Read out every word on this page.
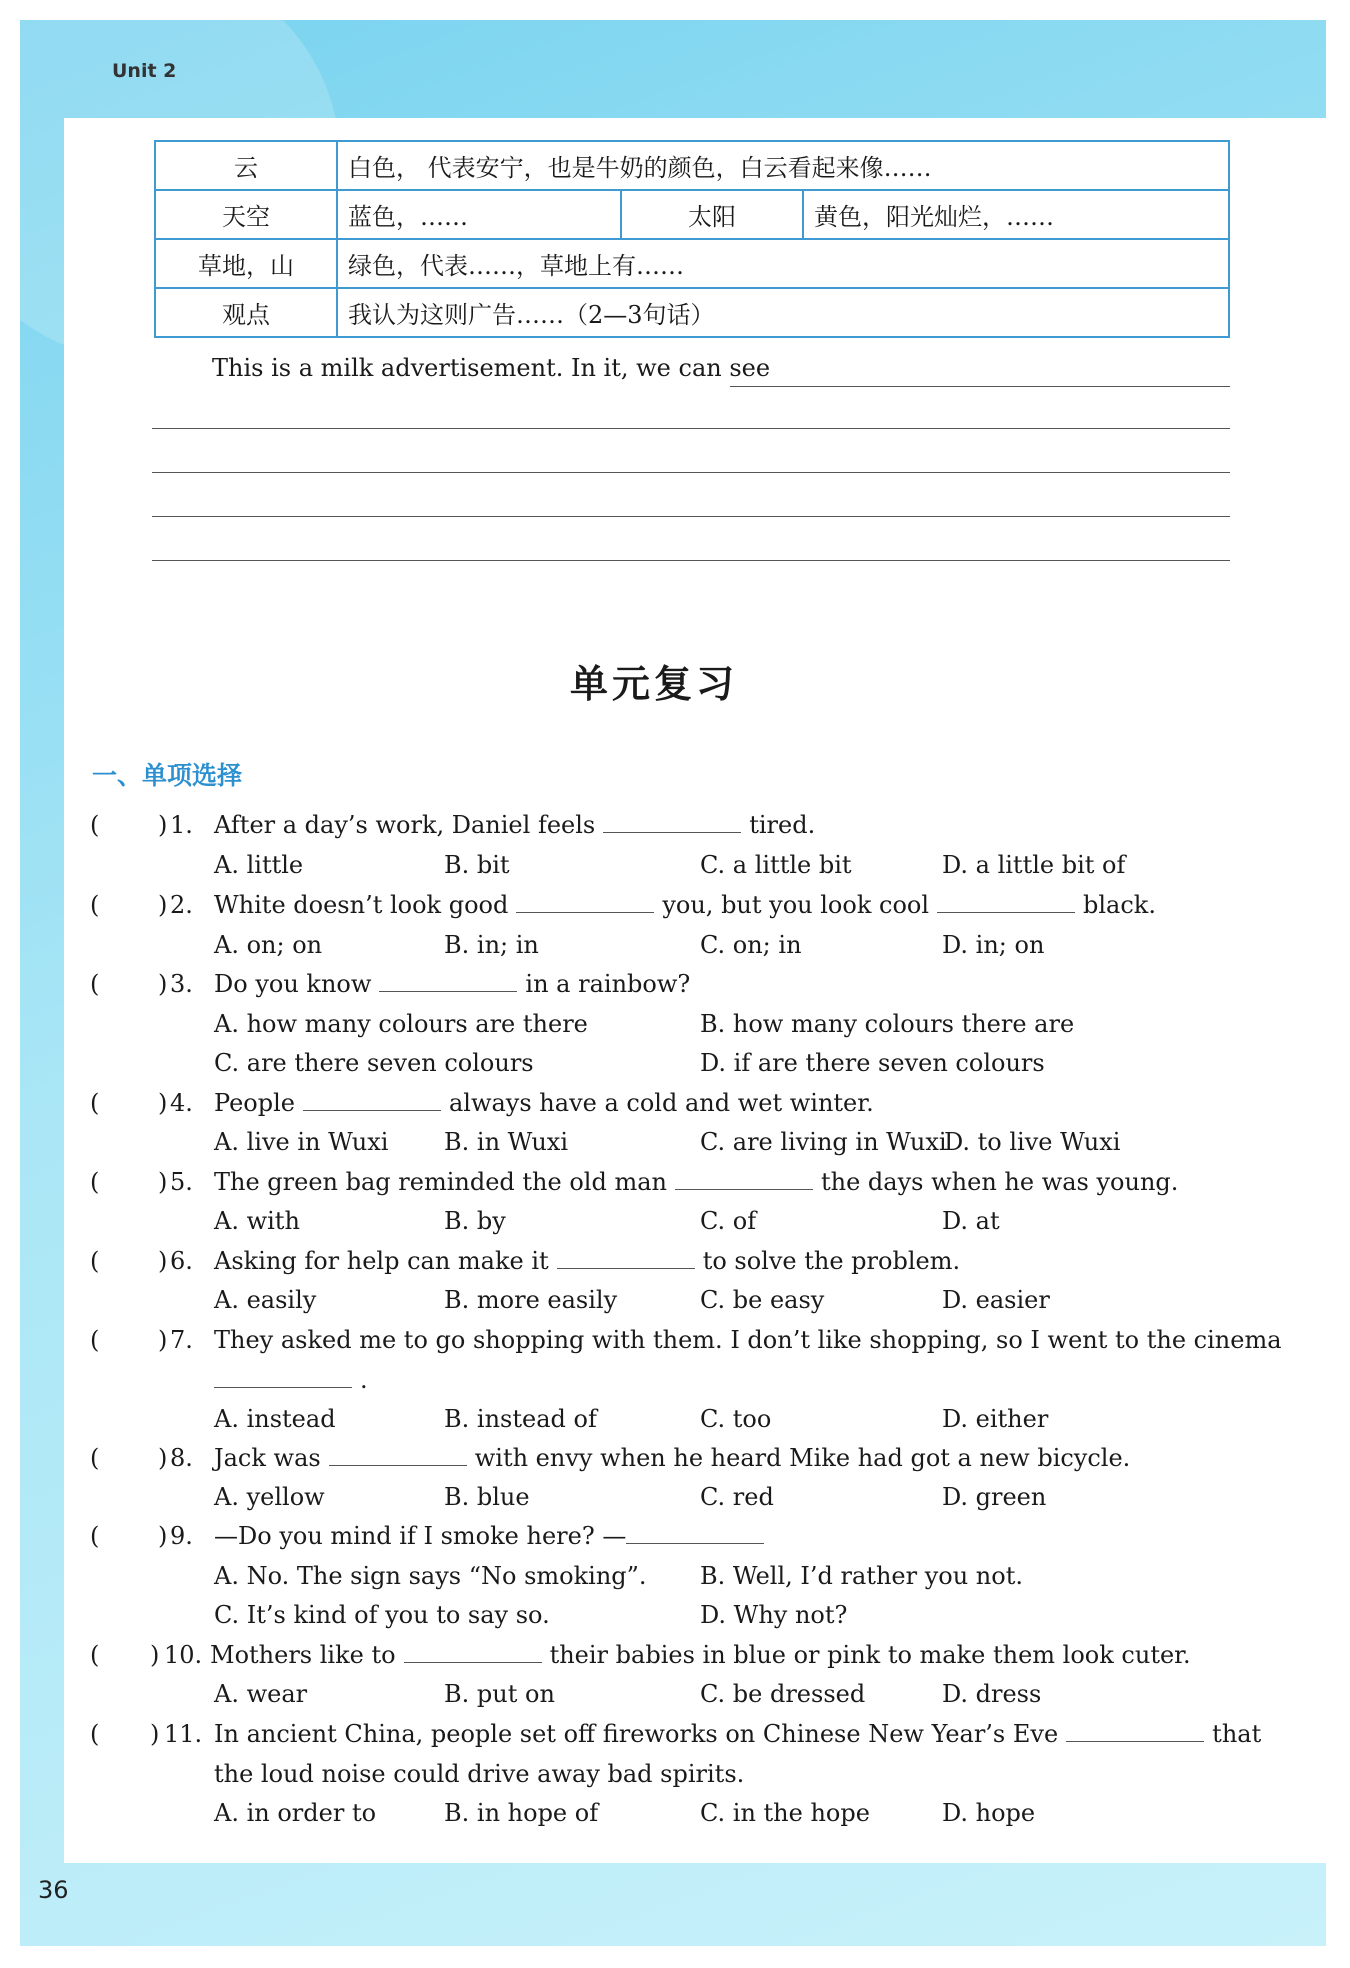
Unit 2
云	白色， 代表安宁，也是牛奶的颜色，白云看起来像……		
天空	蓝色，……	太阳	黄色，阳光灿烂，……
草地，山	绿色，代表……，草地上有……		
观点	我认为这则广告……（2—3句话）		
This is a milk advertisement. In it, we can see
单元复习
一、单项选择
( ) 1. After a day’s work, Daniel feels	tired.
A. little	B. bit	C. a little bit	D. a little bit of
( ) 2. White doesn’t look good	you, but you look cool	black.
A. on; on	B. in; in	C. on; in	D. in; on
( ) 3. Do you know	in a rainbow?
A. how many colours are there	B. how many colours there are
C. are there seven colours	D. if are there seven colours
( ) 4. People	always have a cold and wet winter.
A. live in Wuxi B. in Wuxi	C. are living in Wuxi
D. to live Wuxi
( ) 5. The green bag reminded the old man	the days when he was young.
A. with	B. by	C. of	D. at
( ) 6. Asking for help can make it	to solve the problem.
A. easily	B. more easily	C. be easy	D. easier
( ) 7. They asked me to go shopping with them. I don’t like shopping, so I went to the cinema
.
A. instead	B. instead of	C. too	D. either
( ) 8. Jack was	with envy when he heard Mike had got a new bicycle.
A. yellow	B. blue	C. red	D. green
( ) 9. —Do you mind if I smoke here? —
A. No. The sign says “No smoking”. B. Well, I’d rather you not.
C. It’s kind of you to say so.	D. Why not?
( ) 10. Mothers like to	their babies in blue or pink to make them look cuter.
A. wear	B. put on	C. be dressed	D. dress
( ) 11. In ancient China, people set off fireworks on Chinese New Year’s Eve	that
the loud noise could drive away bad spirits.
A. in order to	B. in hope of	C. in the hope	D. hope
36
